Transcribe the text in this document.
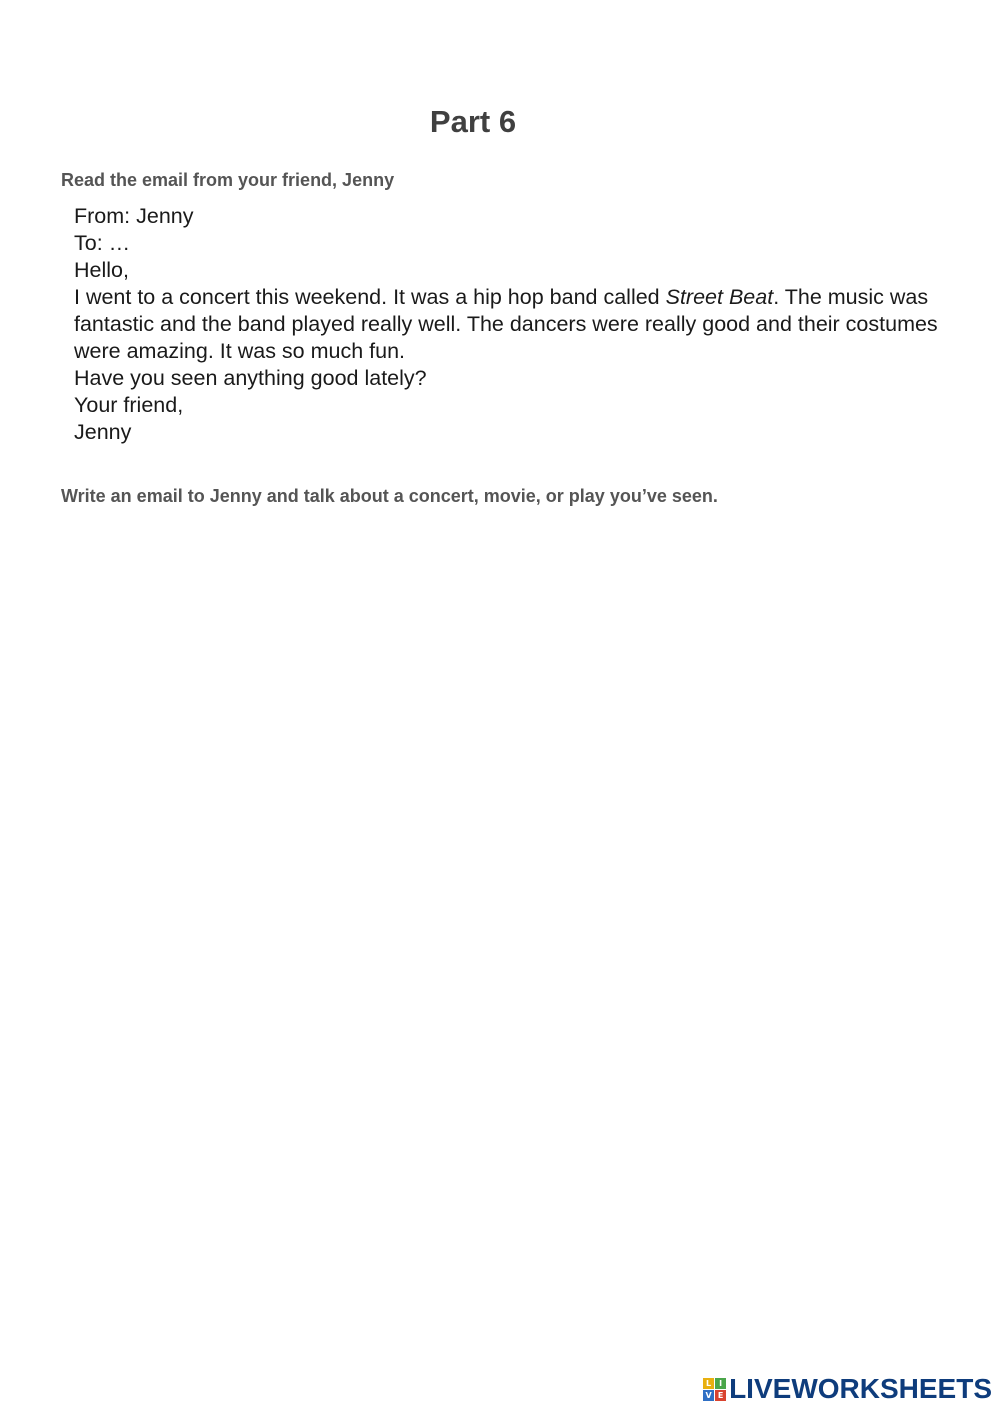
Part 6

Read the email from your friend, Jenny

From: Jenny
To: …
Hello,
I went to a concert this weekend. It was a hip hop band called Street Beat. The music was fantastic and the band played really well. The dancers were really good and their costumes were amazing. It was so much fun.
Have you seen anything good lately?
Your friend,
Jenny

Write an email to Jenny and talk about a concert, movie, or play you’ve seen.

L I
V E LIVEWORKSHEETS
